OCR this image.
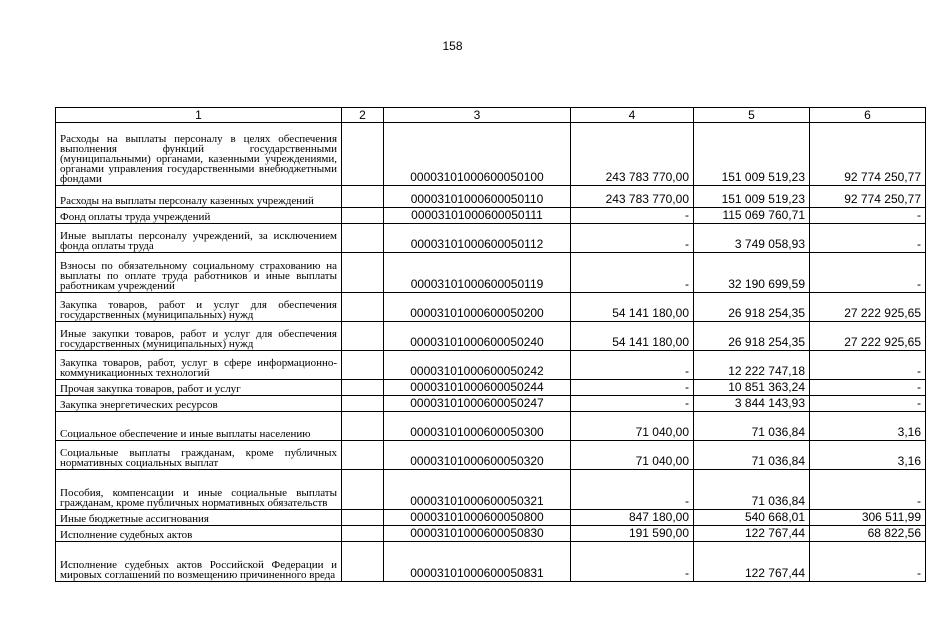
158
1	2	3	4	5	6
Расходы на выплаты персоналу в целях обеспечения выполнения функций государственными (муниципальными) органами, казенными учреждениями, органами управления государственными внебюджетными фондами		00003101000600050100	243 783 770,00	151 009 519,23	92 774 250,77
Расходы на выплаты персоналу казенных учреждений		00003101000600050110	243 783 770,00	151 009 519,23	92 774 250,77
Фонд оплаты труда учреждений		00003101000600050111	-	115 069 760,71	-
Иные выплаты персоналу учреждений, за исключением фонда оплаты труда		00003101000600050112	-	3 749 058,93	-
Взносы по обязательному социальному страхованию на выплаты по оплате труда работников и иные выплаты работникам учреждений		00003101000600050119	-	32 190 699,59	-
Закупка товаров, работ и услуг для обеспечения государственных (муниципальных) нужд		00003101000600050200	54 141 180,00	26 918 254,35	27 222 925,65
Иные закупки товаров, работ и услуг для обеспечения государственных (муниципальных) нужд		00003101000600050240	54 141 180,00	26 918 254,35	27 222 925,65
Закупка товаров, работ, услуг в сфере информационно-коммуникационных технологий		00003101000600050242	-	12 222 747,18	-
Прочая закупка товаров, работ и услуг		00003101000600050244	-	10 851 363,24	-
Закупка энергетических ресурсов		00003101000600050247	-	3 844 143,93	-
Социальное обеспечение и иные выплаты населению		00003101000600050300	71 040,00	71 036,84	3,16
Социальные выплаты гражданам, кроме публичных нормативных социальных выплат		00003101000600050320	71 040,00	71 036,84	3,16
Пособия, компенсации и иные социальные выплаты гражданам, кроме публичных нормативных обязательств		00003101000600050321	-	71 036,84	-
Иные бюджетные ассигнования		00003101000600050800	847 180,00	540 668,01	306 511,99
Исполнение судебных актов		00003101000600050830	191 590,00	122 767,44	68 822,56
Исполнение судебных актов Российской Федерации и мировых соглашений по возмещению причиненного вреда		00003101000600050831	-	122 767,44	-
